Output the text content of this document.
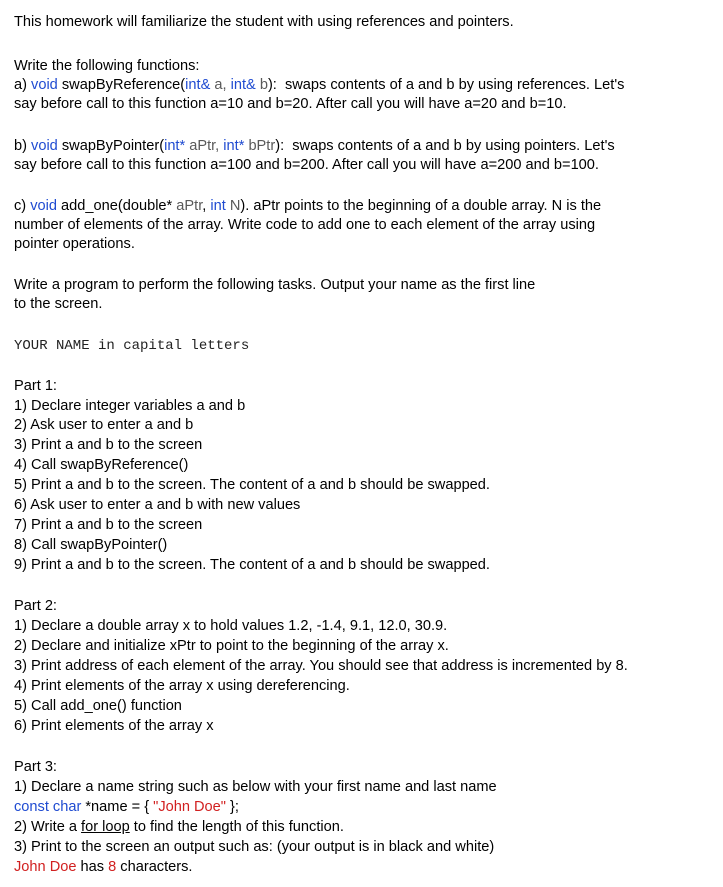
This homework will familiarize the student with using references and pointers.
Write the following functions:
a) void swapByReference(int& a, int& b):  swaps contents of a and b by using references. Let's
say before call to this function a=10 and b=20. After call you will have a=20 and b=10.
b) void swapByPointer(int* aPtr, int* bPtr):  swaps contents of a and b by using pointers. Let's
say before call to this function a=100 and b=200. After call you will have a=200 and b=100.
c) void add_one(double* aPtr, int N). aPtr points to the beginning of a double array. N is the
number of elements of the array. Write code to add one to each element of the array using
pointer operations.
Write a program to perform the following tasks. Output your name as the first line
to the screen.
YOUR NAME in capital letters
Part 1:
1) Declare integer variables a and b
2) Ask user to enter a and b
3) Print a and b to the screen
4) Call swapByReference()
5) Print a and b to the screen. The content of a and b should be swapped.
6) Ask user to enter a and b with new values
7) Print a and b to the screen
8) Call swapByPointer()
9) Print a and b to the screen. The content of a and b should be swapped.
Part 2:
1) Declare a double array x to hold values 1.2, -1.4, 9.1, 12.0, 30.9.
2) Declare and initialize xPtr to point to the beginning of the array x.
3) Print address of each element of the array. You should see that address is incremented by 8.
4) Print elements of the array x using dereferencing.
5) Call add_one() function
6) Print elements of the array x
Part 3:
1) Declare a name string such as below with your first name and last name
const char *name = { "John Doe" };
2) Write a for loop to find the length of this function.
3) Print to the screen an output such as: (your output is in black and white)
John Doe has 8 characters.
